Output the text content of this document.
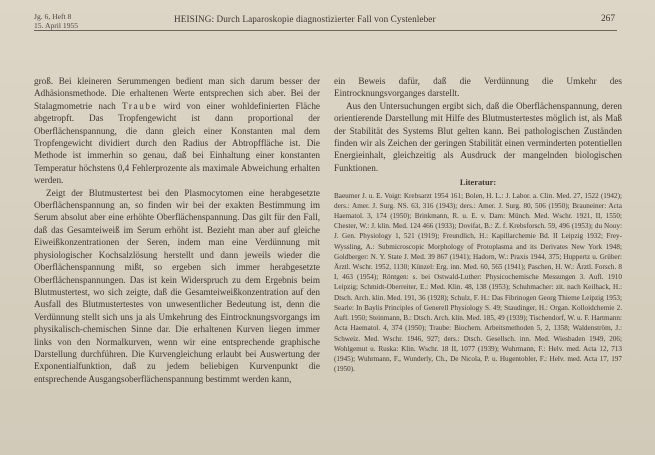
Jg. 6, Heft 8
15. April 1955
HEISING: Durch Laparoskopie diagnostizierter Fall von Cystenleber	267

groß. Bei kleineren Serummengen bedient man sich darum besser der Adhäsionsmethode. Die erhaltenen Werte entsprechen sich aber. Bei der Stalagmometrie nach Traube wird von einer wohldefinierten Fläche abgetropft. Das Tropfengewicht ist dann proportional der Oberflächenspannung, die dann gleich einer Konstanten mal dem Tropfengewicht dividiert durch den Radius der Abtropffläche ist. Die Methode ist immerhin so genau, daß bei Einhaltung einer konstanten Temperatur höchstens 0,4 Fehlerprozente als maximale Abweichung erhalten werden.

Zeigt der Blutmustertest bei den Plasmocytomen eine herabgesetzte Oberflächenspannung an, so finden wir bei der exakten Bestimmung im Serum absolut aber eine erhöhte Oberflächenspannung. Das gilt für den Fall, daß das Gesamteiweiß im Serum erhöht ist. Bezieht man aber auf gleiche Eiweißkonzentrationen der Seren, indem man eine Verdünnung mit physiologischer Kochsalzlösung herstellt und dann jeweils wieder die Oberflächenspannung mißt, so ergeben sich immer herabgesetzte Oberflächenspannungen. Das ist kein Widerspruch zu dem Ergebnis beim Blutmustertest, wo sich zeigte, daß die Gesamteiweißkonzentration auf den Ausfall des Blutmustertestes von unwesentlicher Bedeutung ist, denn die Verdünnung stellt sich uns ja als Umkehrung des Eintrocknungsvorgangs im physikalisch-chemischen Sinne dar. Die erhaltenen Kurven liegen immer links von den Normalkurven, wenn wir eine entsprechende graphische Darstellung durchführen. Die Kurvengleichung erlaubt bei Auswertung der Exponentialfunktion, daß zu jedem beliebigen Kurvenpunkt die entsprechende Ausgangsoberflächenspannung bestimmt werden kann,

ein Beweis dafür, daß die Verdünnung die Umkehr des Eintrocknungsvorganges darstellt.

Aus den Untersuchungen ergibt sich, daß die Oberflächenspannung, deren orientierende Darstellung mit Hilfe des Blutmustertestes möglich ist, als Maß der Stabilität des Systems Blut gelten kann. Bei pathologischen Zuständen finden wir als Zeichen der geringen Stabilität einen verminderten potentiellen Energieinhalt, gleichzeitig als Ausdruck der mangelnden biologischen Funktionen.

Literatur:

Baeumer J. u. E. Voigt: Krebsarzt 1954 161; Bolen, H. L.: J. Labor. a. Clin. Med. 27, 1522 (1942); ders.: Amer. J. Surg. NS. 63, 316 (1943); ders.: Amer. J. Surg. 80, 506 (1950); Brauneiner: Acta Haematol. 3, 174 (1950); Brinkmann, R. u. E. v. Dam: Münch. Med. Wschr. 1921, II, 1550; Chester, W.: J. klin. Med. 124 466 (1933); Dovifat, B.: Z. f. Krebsforsch. 59, 496 (1953); du Nouy: J. Gen. Physiology 1, 521 (1919); Freundlich, H.: Kapillarchemie Bd. II Leipzig 1932; Frey-Wyssling, A.: Submicroscopic Morphology of Protoplasma and its Derivates New York 1948; Goldberger: N. Y. State J. Med. 39 867 (1941); Hadorn, W.: Praxis 1944, 375; Huppertz u. Grüber: Ärztl. Wschr. 1952, 1130; Künzel: Erg. inn. Med. 60, 565 (1941); Paschen, H. W.: Ärztl. Forsch. 8 I, 463 (1954); Röntgen: s. bei Ostwald-Luther: Physicochemische Messungen 3. Aufl. 1910 Leipzig; Schmidt-Oberreiter, E.: Med. Klin. 48, 138 (1953); Schuhmacher: zit. nach Keilhack, H.: Dtsch. Arch. klin. Med. 191, 36 (1928); Schulz, F. H.: Das Fibrinogen Georg Thieme Leipzig 1953; Searle: In Baylis Principles of Generell Physiology S. 49; Staudinger, H.: Organ. Kolloidchemie 2. Aufl. 1950; Steinmann, B.: Dtsch. Arch. klin. Med. 185, 49 (1939); Tischendorf, W. u. F. Hartmann: Acta Haematol. 4, 374 (1950); Traube: Biochem. Arbeitsmethoden 5, 2, 1358; Waldenström, J.: Schweiz. Med. Wschr. 1946, 927; ders.: Dtsch. Gesellsch. inn. Med. Wiesbaden 1949, 206; Wohlgemut u. Ruska: Klin. Wschr. 18 II, 1077 (1939); Wuhrmann, F.: Helv. med. Acta 12, 713 (1945); Wuhrmann, F., Wunderly, Ch., De Nicola, P. u. Hugentobler, F.: Helv. med. Acta 17, 197 (1950).
